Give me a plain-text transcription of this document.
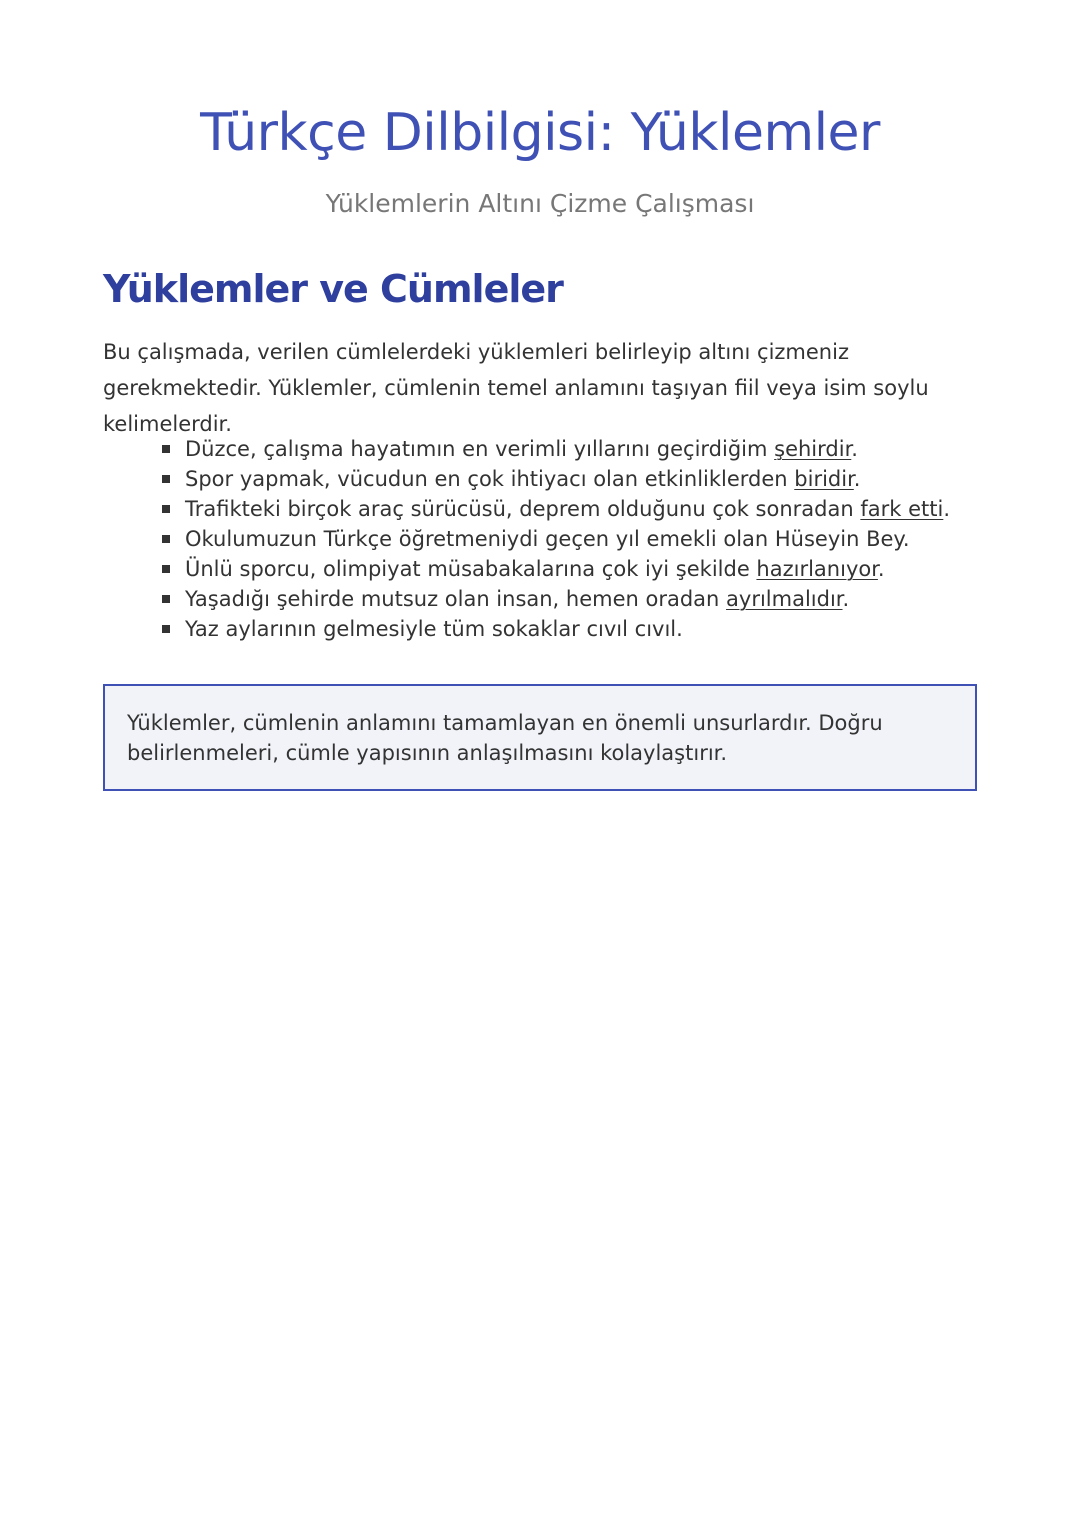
Türkçe Dilbilgisi: Yüklemler

Yüklemlerin Altını Çizme Çalışması

Yüklemler ve Cümleler

Bu çalışmada, verilen cümlelerdeki yüklemleri belirleyip altını çizmeniz gerekmektedir. Yüklemler, cümlenin temel anlamını taşıyan fiil veya isim soylu kelimelerdir.

Düzce, çalışma hayatımın en verimli yıllarını geçirdiğim şehirdir.
Spor yapmak, vücudun en çok ihtiyacı olan etkinliklerden biridir.
Trafikteki birçok araç sürücüsü, deprem olduğunu çok sonradan fark etti.
Okulumuzun Türkçe öğretmeniydi geçen yıl emekli olan Hüseyin Bey.
Ünlü sporcu, olimpiyat müsabakalarına çok iyi şekilde hazırlanıyor.
Yaşadığı şehirde mutsuz olan insan, hemen oradan ayrılmalıdır.
Yaz aylarının gelmesiyle tüm sokaklar cıvıl cıvıl.

Yüklemler, cümlenin anlamını tamamlayan en önemli unsurlardır. Doğru belirlenmeleri, cümle yapısının anlaşılmasını kolaylaştırır.
